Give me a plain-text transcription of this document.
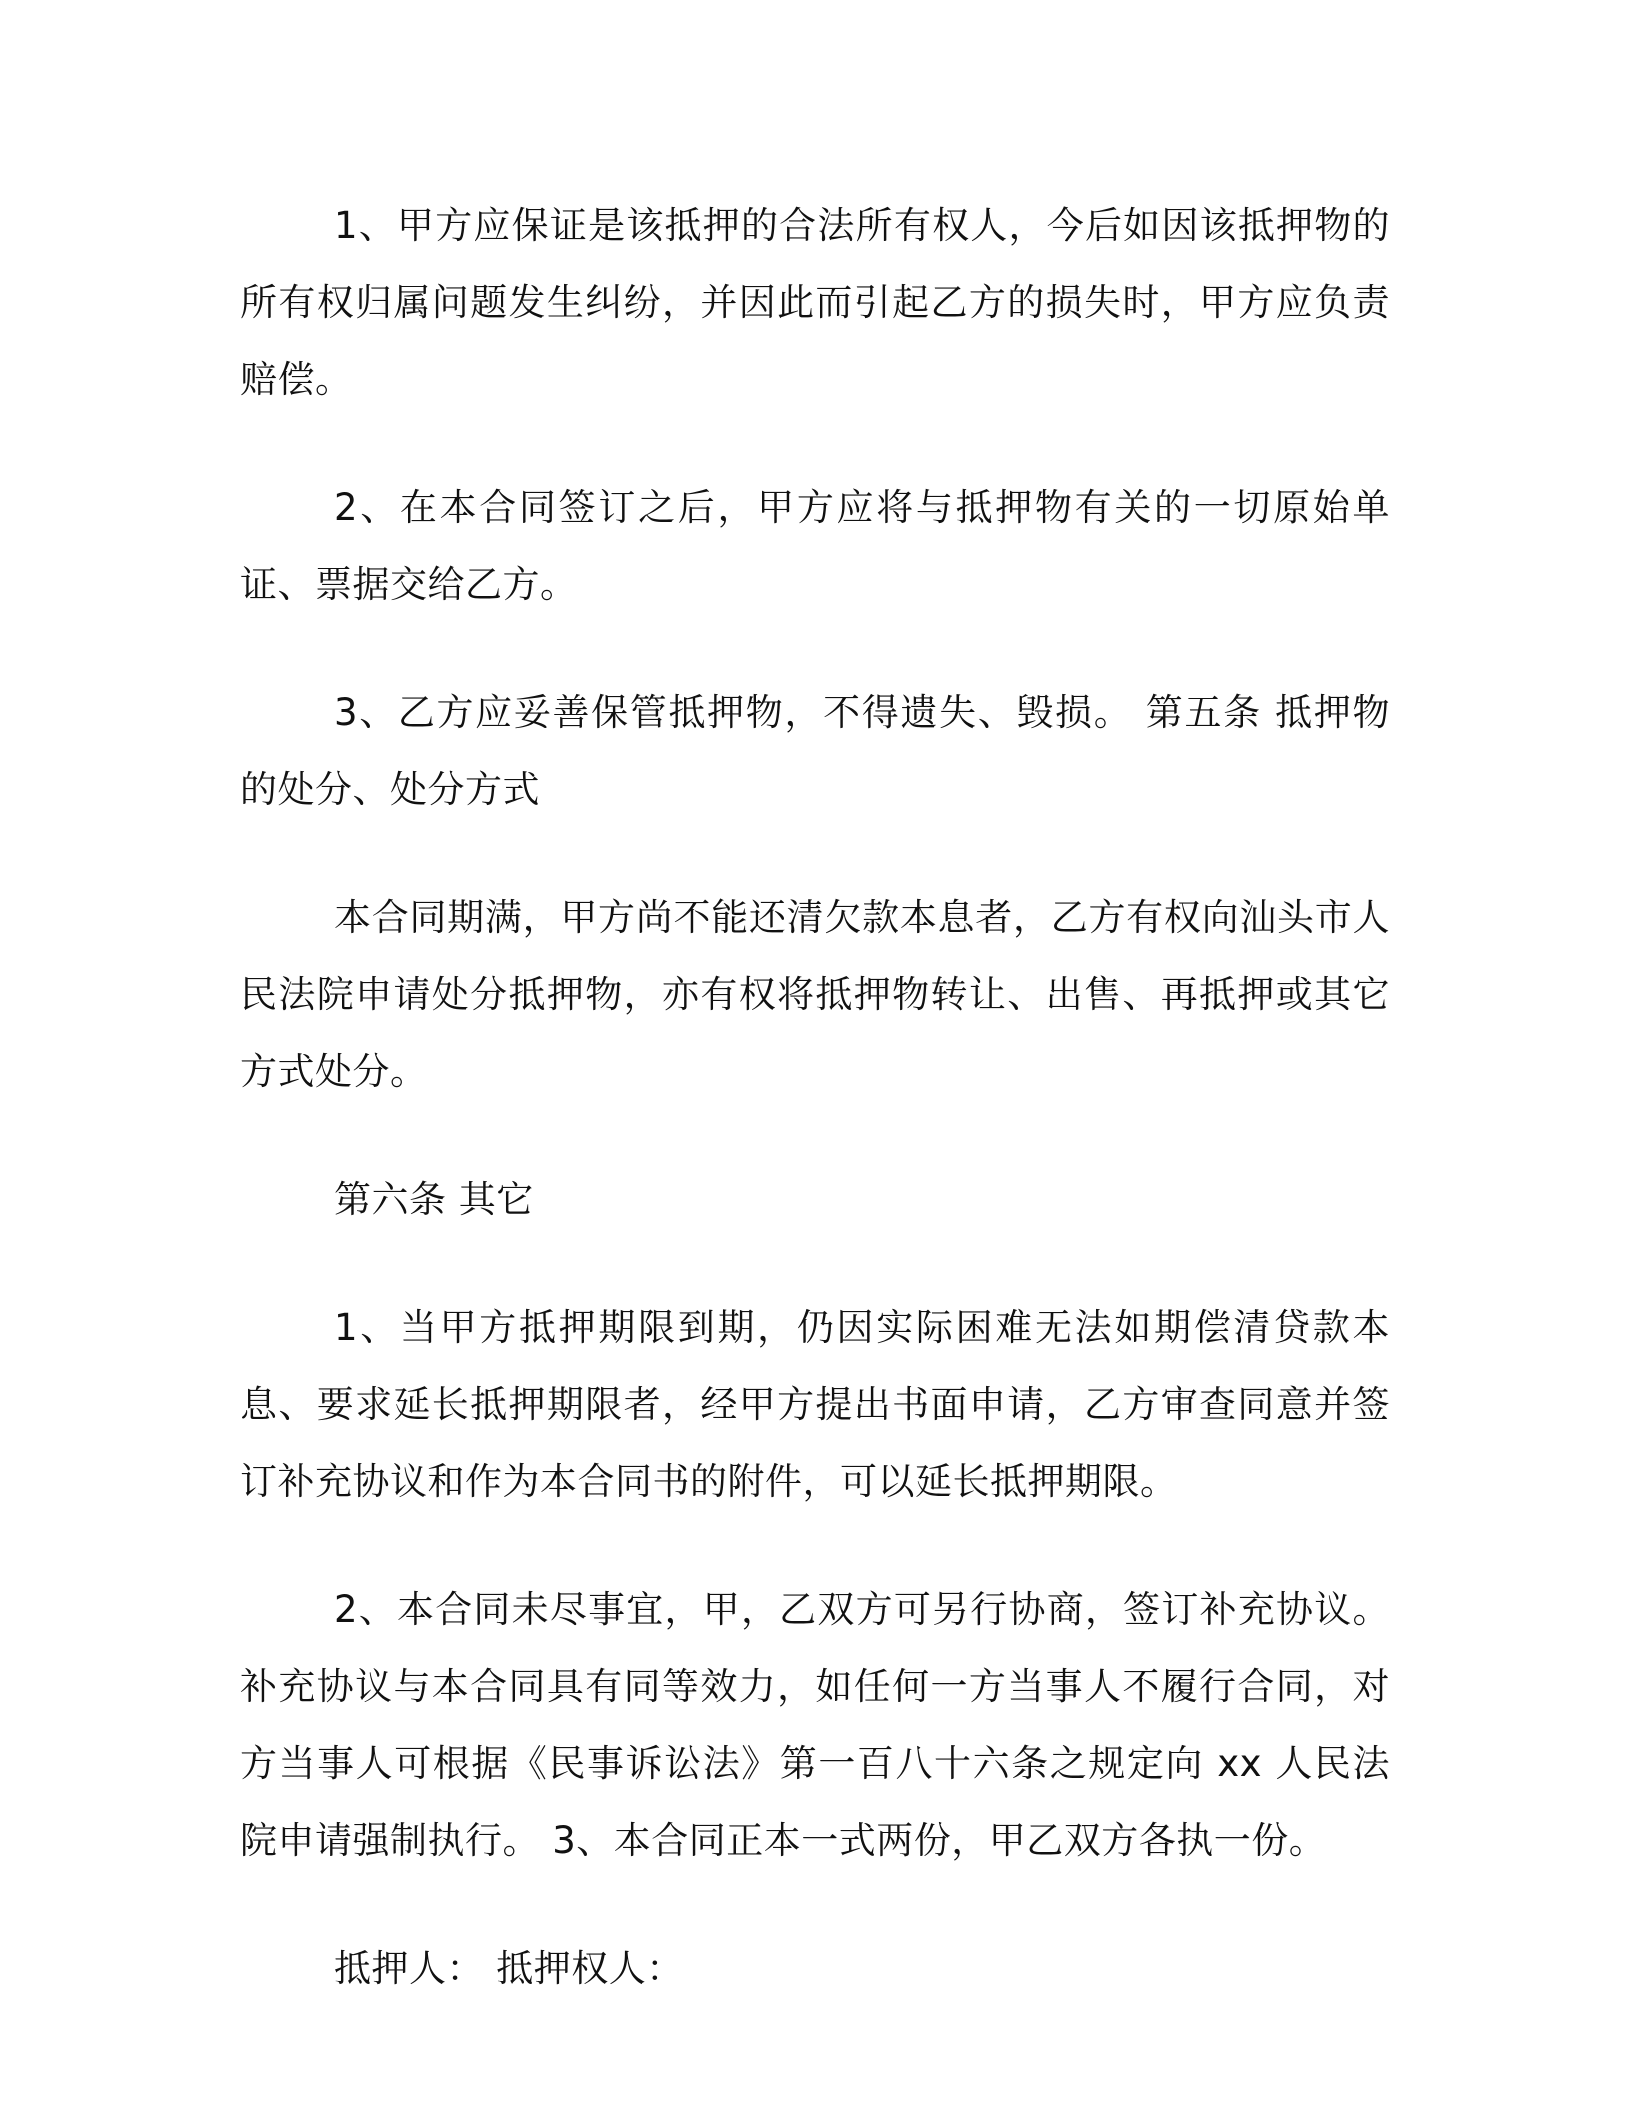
1、甲方应保证是该抵押的合法所有权人，今后如因该抵押物的所有权归属问题发生纠纷，并因此而引起乙方的损失时，甲方应负责赔偿。

2、在本合同签订之后，甲方应将与抵押物有关的一切原始单证、票据交给乙方。

3、乙方应妥善保管抵押物，不得遗失、毁损。 第五条 抵押物的处分、处分方式

本合同期满，甲方尚不能还清欠款本息者，乙方有权向汕头市人民法院申请处分抵押物，亦有权将抵押物转让、出售、再抵押或其它方式处分。

第六条 其它

1、当甲方抵押期限到期，仍因实际困难无法如期偿清贷款本息、要求延长抵押期限者，经甲方提出书面申请，乙方审查同意并签订补充协议和作为本合同书的附件，可以延长抵押期限。

2、本合同未尽事宜，甲，乙双方可另行协商，签订补充协议。补充协议与本合同具有同等效力，如任何一方当事人不履行合同，对方当事人可根据《民事诉讼法》第一百八十六条之规定向 xx 人民法院申请强制执行。 3、本合同正本一式两份，甲乙双方各执一份。

抵押人： 抵押权人：
